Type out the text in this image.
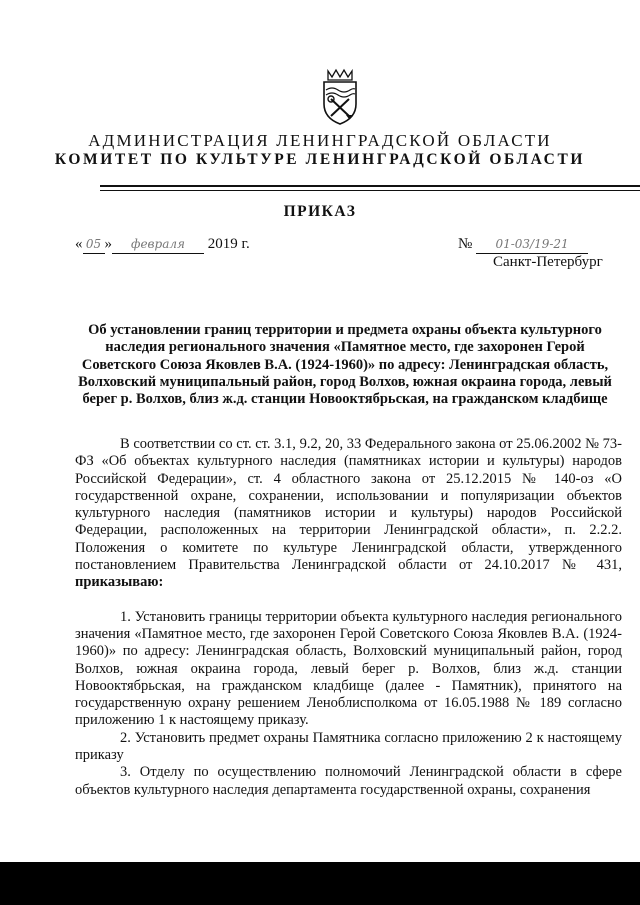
АДМИНИСТРАЦИЯ ЛЕНИНГРАДСКОЙ ОБЛАСТИ
КОМИТЕТ ПО КУЛЬТУРЕ ЛЕНИНГРАДСКОЙ ОБЛАСТИ
ПРИКАЗ
« 05 » февраля 2019 г.	№ 01-03/19-21
Санкт-Петербург
Об установлении границ территории и предмета охраны объекта культурного наследия регионального значения «Памятное место, где захоронен Герой Советского Союза Яковлев В.А. (1924-1960)» по адресу: Ленинградская область, Волховский муниципальный район, город Волхов, южная окраина города, левый берег р. Волхов, близ ж.д. станции Новооктябрьская, на гражданском кладбище

В соответствии со ст. ст. 3.1, 9.2, 20, 33 Федерального закона от 25.06.2002 № 73-ФЗ «Об объектах культурного наследия (памятниках истории и культуры) народов Российской Федерации», ст. 4 областного закона от 25.12.2015 № 140-оз «О государственной охране, сохранении, использовании и популяризации объектов культурного наследия (памятников истории и культуры) народов Российской Федерации, расположенных на территории Ленинградской области», п. 2.2.2. Положения о комитете по культуре Ленинградской области, утвержденного постановлением Правительства Ленинградской области от 24.10.2017 № 431, приказываю:

1. Установить границы территории объекта культурного наследия регионального значения «Памятное место, где захоронен Герой Советского Союза Яковлев В.А. (1924-1960)» по адресу: Ленинградская область, Волховский муниципальный район, город Волхов, южная окраина города, левый берег р. Волхов, близ ж.д. станции Новооктябрьская, на гражданском кладбище (далее - Памятник), принятого на государственную охрану решением Леноблисполкома от 16.05.1988 № 189 согласно приложению 1 к настоящему приказу.

2. Установить предмет охраны Памятника согласно приложению 2 к настоящему приказу

3. Отделу по осуществлению полномочий Ленинградской области в сфере объектов культурного наследия департамента государственной охраны, сохранения
